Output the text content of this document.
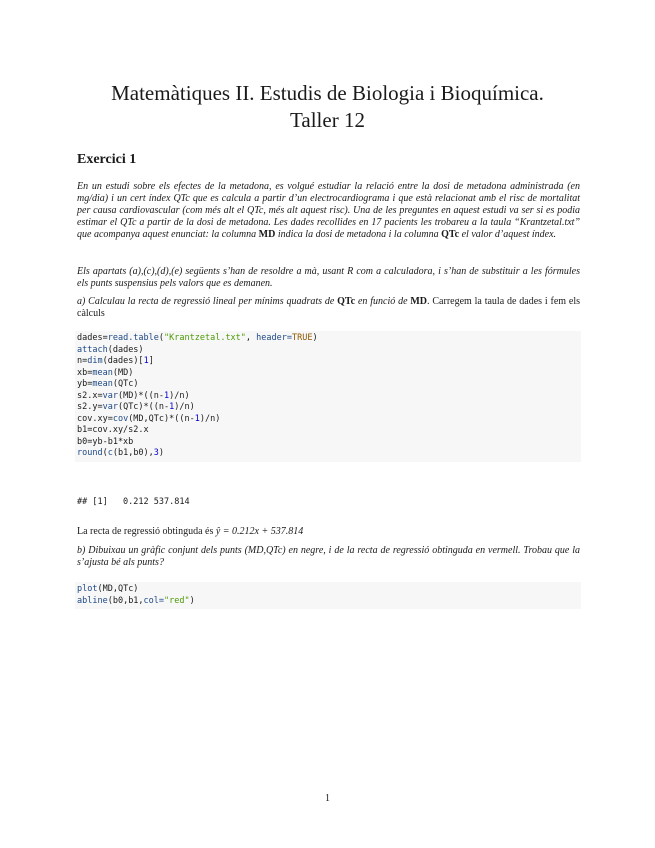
Matemàtiques II. Estudis de Biologia i Bioquímica.
Taller 12
Exercici 1
En un estudi sobre els efectes de la metadona, es volgué estudiar la relació entre la dosi de metadona administrada (en mg/dia) i un cert índex QTc que es calcula a partir d’un electrocardiograma i que està relacionat amb el risc de mortalitat per causa cardiovascular (com més alt el QTc, més alt aquest risc). Una de les preguntes en aquest estudi va ser si es podia estimar el QTc a partir de la dosi de metadona. Les dades recollides en 17 pacients les trobareu a la taula “Krantzetal.txt” que acompanya aquest enunciat: la columna MD indica la dosi de metadona i la columna QTc el valor d’aquest índex.
Els apartats (a),(c),(d),(e) següents s’han de resoldre a mà, usant R com a calculadora, i s’han de substituir a les fórmules els punts suspensius pels valors que es demanen.
a) Calculau la recta de regressió lineal per mínims quadrats de QTc en funció de MD. Carregem la taula de dades i fem els càlculs
dades=read.table("Krantzetal.txt", header=TRUE)
attach(dades)
n=dim(dades)[1]
xb=mean(MD)
yb=mean(QTc)
s2.x=var(MD)*((n-1)/n)
s2.y=var(QTc)*((n-1)/n)
cov.xy=cov(MD,QTc)*((n-1)/n)
b1=cov.xy/s2.x
b0=yb-b1*xb
round(c(b1,b0),3)
## [1]   0.212 537.814
La recta de regressió obtinguda és ŷ = 0.212x + 537.814
b) Dibuixau un gràfic conjunt dels punts (MD,QTc) en negre, i de la recta de regressió obtinguda en vermell. Trobau que la s’ajusta bé als punts?
plot(MD,QTc)
abline(b0,b1,col="red")
1
